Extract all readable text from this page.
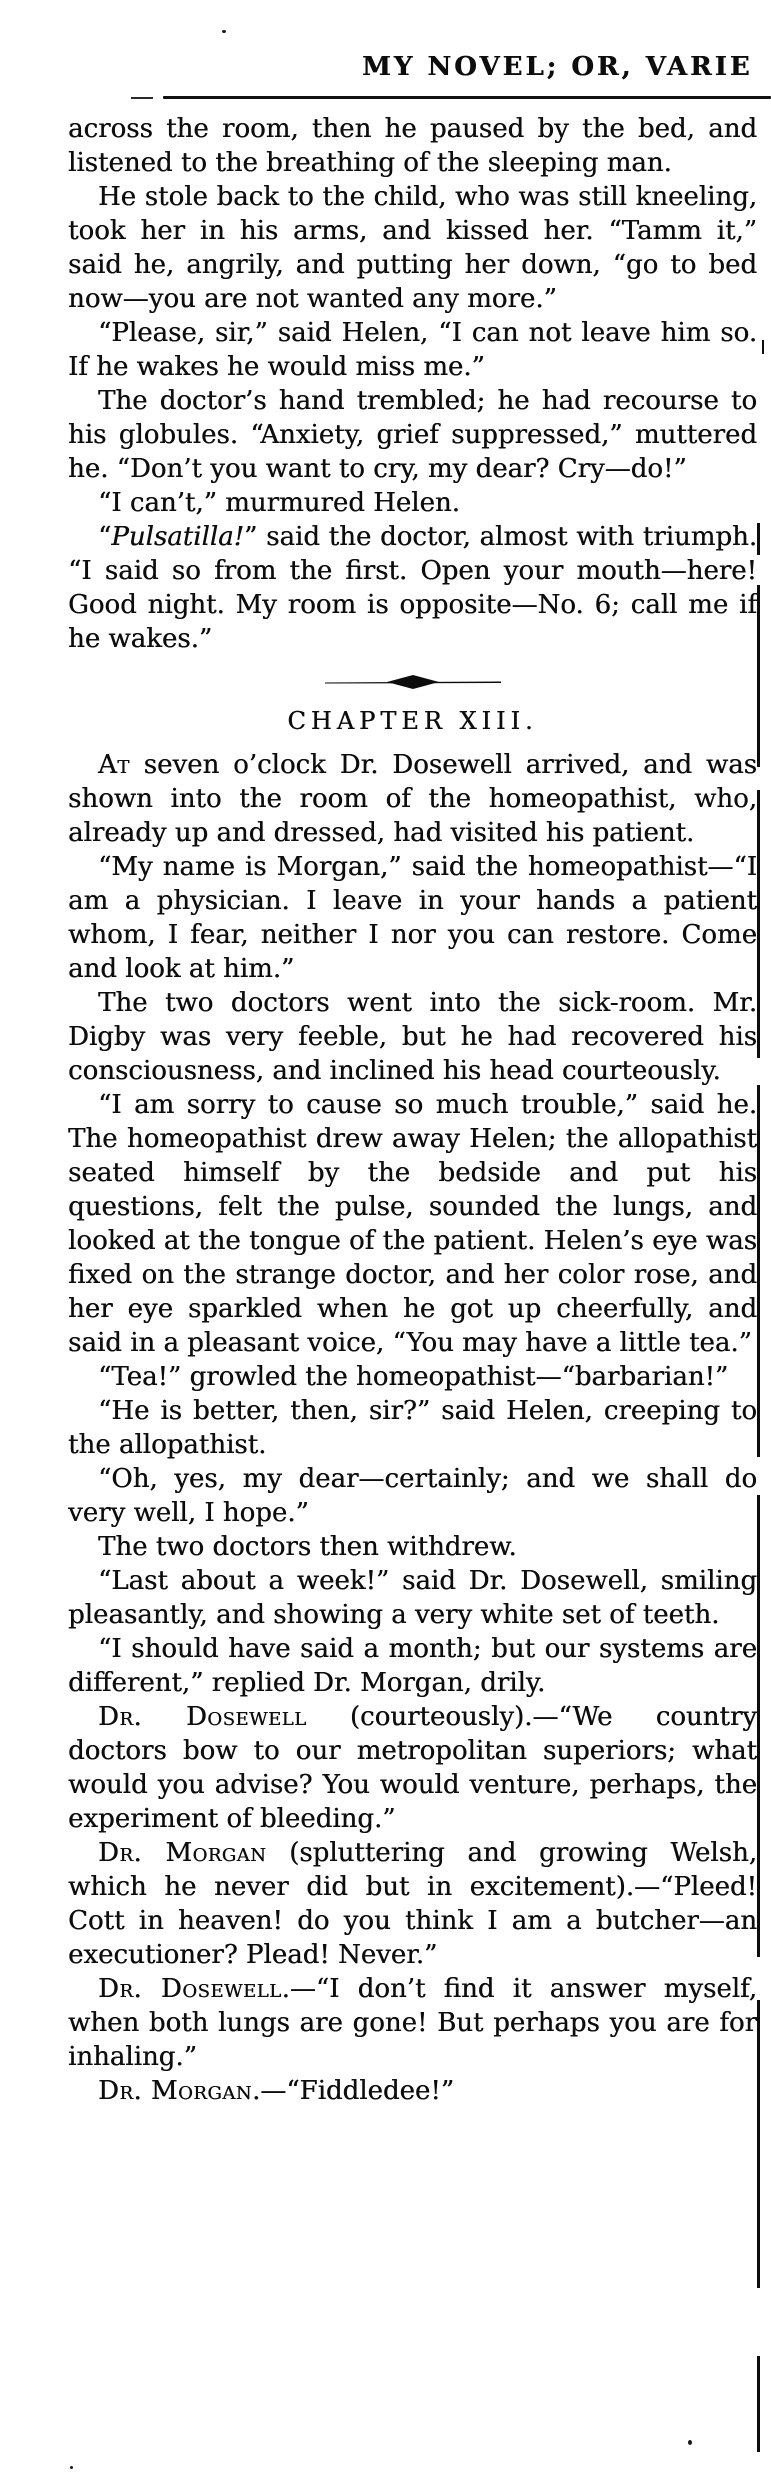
MY NOVEL; OR, VARIE

across the room, then he paused by the bed, and listened to the breathing of the sleeping man.

He stole back to the child, who was still kneeling, took her in his arms, and kissed her. “Tamm it,” said he, angrily, and putting her down, “go to bed now—you are not wanted any more.”

“Please, sir,” said Helen, “I can not leave him so. If he wakes he would miss me.”

The doctor’s hand trembled; he had recourse to his globules. “Anxiety, grief suppressed,” muttered he. “Don’t you want to cry, my dear? Cry—do!”

“I can’t,” murmured Helen.

“Pulsatilla!” said the doctor, almost with triumph. “I said so from the first. Open your mouth—here! Good night. My room is opposite—No. 6; call me if he wakes.”

CHAPTER XIII.

At seven o’clock Dr. Dosewell arrived, and was shown into the room of the homeopathist, who, already up and dressed, had visited his patient.

“My name is Morgan,” said the homeopathist—“I am a physician. I leave in your hands a patient whom, I fear, neither I nor you can restore. Come and look at him.”

The two doctors went into the sick-room. Mr. Digby was very feeble, but he had recovered his consciousness, and inclined his head courteously.

“I am sorry to cause so much trouble,” said he. The homeopathist drew away Helen; the allopathist seated himself by the bedside and put his questions, felt the pulse, sounded the lungs, and looked at the tongue of the patient. Helen’s eye was fixed on the strange doctor, and her color rose, and her eye sparkled when he got up cheerfully, and said in a pleasant voice, “You may have a little tea.”

“Tea!” growled the homeopathist—“barbarian!”

“He is better, then, sir?” said Helen, creeping to the allopathist.

“Oh, yes, my dear—certainly; and we shall do very well, I hope.”

The two doctors then withdrew.

“Last about a week!” said Dr. Dosewell, smiling pleasantly, and showing a very white set of teeth.

“I should have said a month; but our systems are different,” replied Dr. Morgan, drily.

Dr. Dosewell (courteously).—“We country doctors bow to our metropolitan superiors; what would you advise? You would venture, perhaps, the experiment of bleeding.”

Dr. Morgan (spluttering and growing Welsh, which he never did but in excitement).—“Pleed! Cott in heaven! do you think I am a butcher—an executioner? Plead! Never.”

Dr. Dosewell.—“I don’t find it answer myself, when both lungs are gone! But perhaps you are for inhaling.”

Dr. Morgan.—“Fiddledee!”
